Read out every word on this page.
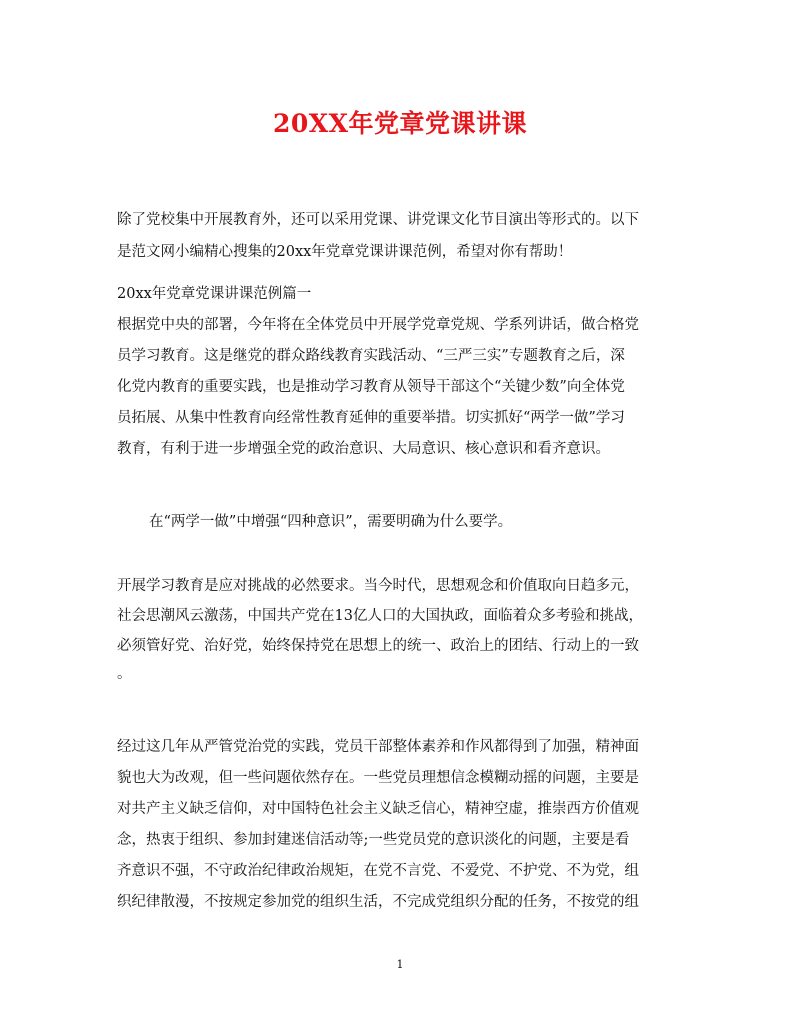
20XX年党章党课讲课
除了党校集中开展教育外，还可以采用党课、讲党课文化节目演出等形式的。以下
是范文网小编精心搜集的20xx年党章党课讲课范例，希望对你有帮助！
20xx年党章党课讲课范例篇一
根据党中央的部署，今年将在全体党员中开展学党章党规、学系列讲话，做合格党
员学习教育。这是继党的群众路线教育实践活动、“三严三实”专题教育之后，深
化党内教育的重要实践，也是推动学习教育从领导干部这个“关键少数”向全体党
员拓展、从集中性教育向经常性教育延伸的重要举措。切实抓好“两学一做”学习
教育，有利于进一步增强全党的政治意识、大局意识、核心意识和看齐意识。
在“两学一做”中增强“四种意识”，需要明确为什么要学。
开展学习教育是应对挑战的必然要求。当今时代，思想观念和价值取向日趋多元，
社会思潮风云激荡，中国共产党在13亿人口的大国执政，面临着众多考验和挑战，
必须管好党、治好党，始终保持党在思想上的统一、政治上的团结、行动上的一致
。
经过这几年从严管党治党的实践，党员干部整体素养和作风都得到了加强，精神面
貌也大为改观，但一些问题依然存在。一些党员理想信念模糊动摇的问题，主要是
对共产主义缺乏信仰，对中国特色社会主义缺乏信心，精神空虚，推崇西方价值观
念，热衷于组织、参加封建迷信活动等;一些党员党的意识淡化的问题，主要是看
齐意识不强，不守政治纪律政治规矩，在党不言党、不爱党、不护党、不为党，组
织纪律散漫，不按规定参加党的组织生活，不完成党组织分配的任务，不按党的组
1
